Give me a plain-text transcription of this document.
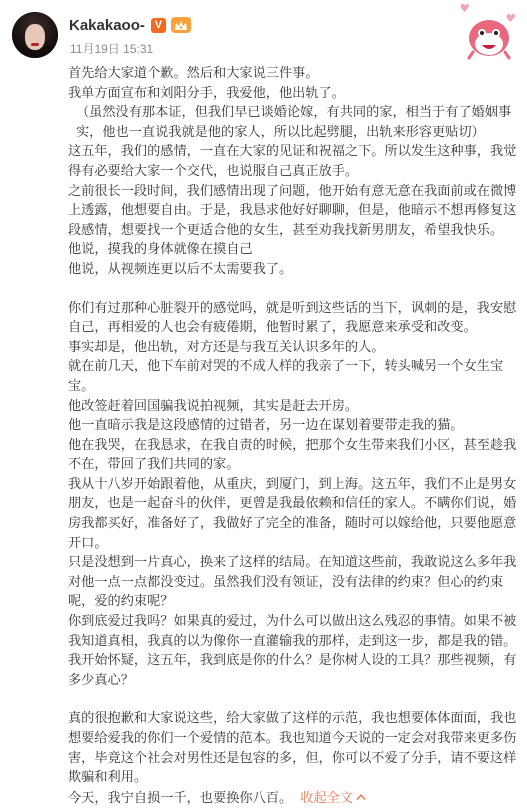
Kakakaoo- V
11月19日 15:31

首先给大家道个歉。然后和大家说三件事。

我单方面宣布和刘阳分手，我爱他，他出轨了。

（虽然没有那本证，但我们早已谈婚论嫁，有共同的家，相当于有了婚姻事实，他也一直说我就是他的家人，所以比起劈腿，出轨来形容更贴切）

这五年，我们的感情，一直在大家的见证和祝福之下。所以发生这种事，我觉得有必要给大家一个交代，也说服自己真正放手。

之前很长一段时间，我们感情出现了问题，他开始有意无意在我面前或在微博上透露，他想要自由。于是，我恳求他好好聊聊，但是，他暗示不想再修复这段感情，想要找一个更适合他的女生，甚至劝我找新男朋友，希望我快乐。

他说，摸我的身体就像在摸自己

他说，从视频连更以后不太需要我了。

你们有过那种心脏裂开的感觉吗，就是听到这些话的当下，讽刺的是，我安慰自己，再相爱的人也会有疲倦期，他暂时累了，我愿意来承受和改变。

事实却是，他出轨，对方还是与我互关认识多年的人。

就在前几天，他下车前对哭的不成人样的我亲了一下，转头喊另一个女生宝宝。

他改签赶着回国骗我说拍视频，其实是赶去开房。

他一直暗示我是这段感情的过错者，另一边在谋划着要带走我的猫。

他在我哭，在我恳求，在我自责的时候，把那个女生带来我们小区，甚至趁我不在，带回了我们共同的家。

我从十八岁开始跟着他，从重庆，到厦门，到上海。这五年，我们不止是男女朋友，也是一起奋斗的伙伴，更曾是我最依赖和信任的家人。不瞒你们说，婚房我都买好，准备好了，我做好了完全的准备，随时可以嫁给他，只要他愿意开口。

只是没想到一片真心，换来了这样的结局。在知道这些前，我敢说这么多年我对他一点一点都没变过。虽然我们没有领证，没有法律的约束？但心的约束呢，爱的约束呢？

你到底爱过我吗？如果真的爱过，为什么可以做出这么残忍的事情。如果不被我知道真相，我真的以为像你一直灌输我的那样，走到这一步，都是我的错。

我开始怀疑，这五年，我到底是你的什么？是你树人设的工具？那些视频，有多少真心？

真的很抱歉和大家说这些，给大家做了这样的示范，我也想要体体面面，我也想要给爱我的你们一个爱情的范本。我也知道今天说的一定会对我带来更多伤害，毕竟这个社会对男性还是包容的多，但，你可以不爱了分手，请不要这样欺骗和利用。

今天，我宁自损一千，也要换你八百。 收起全文
